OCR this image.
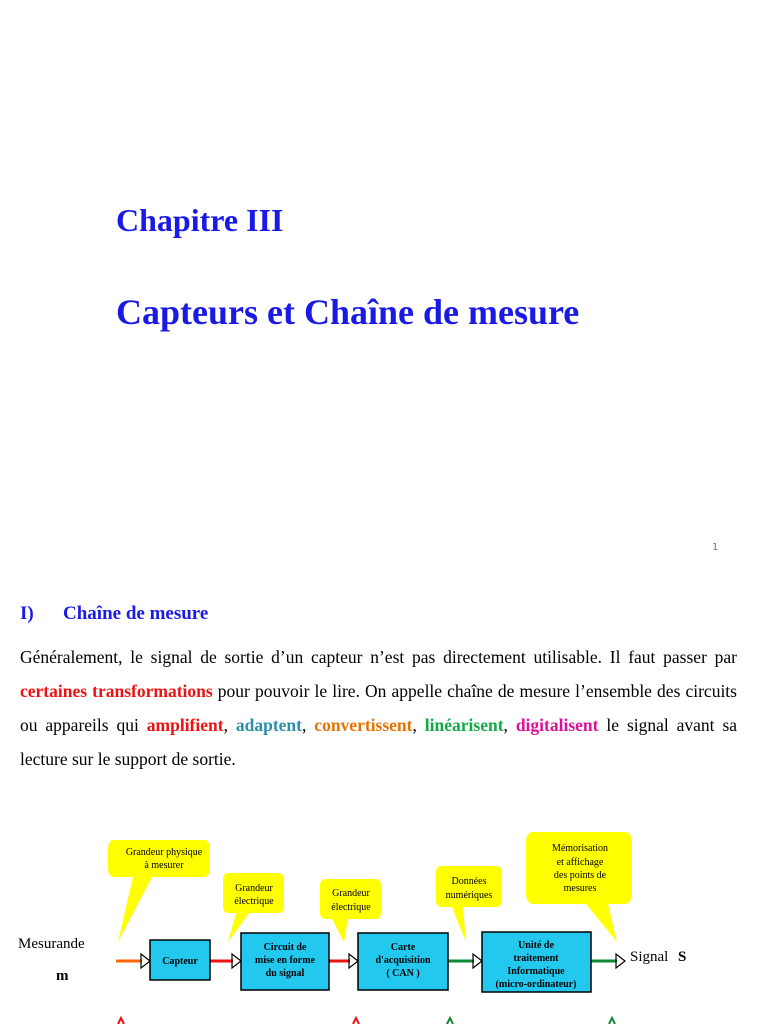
Chapitre III
Capteurs et Chaîne de mesure
1
I) Chaîne de mesure
Généralement, le signal de sortie d’un capteur n’est pas directement utilisable. Il faut passer par certaines transformations pour pouvoir le lire. On appelle chaîne de mesure l’ensemble des circuits ou appareils qui amplifient, adaptent, convertissent, linéarisent, digitalisent le signal avant sa lecture sur le support de sortie.
Grandeur physique
à mesurer
Grandeur
électrique
Grandeur
électrique
Données
numériques
Mémorisation
et affichage
des points de
mesures
Mesurande
m
Signal S
Capteur
Circuit de
mise en forme
du signal
Carte
d'acquisition
( CAN )
Unité de
traitement
Informatique
(micro-ordinateur)
